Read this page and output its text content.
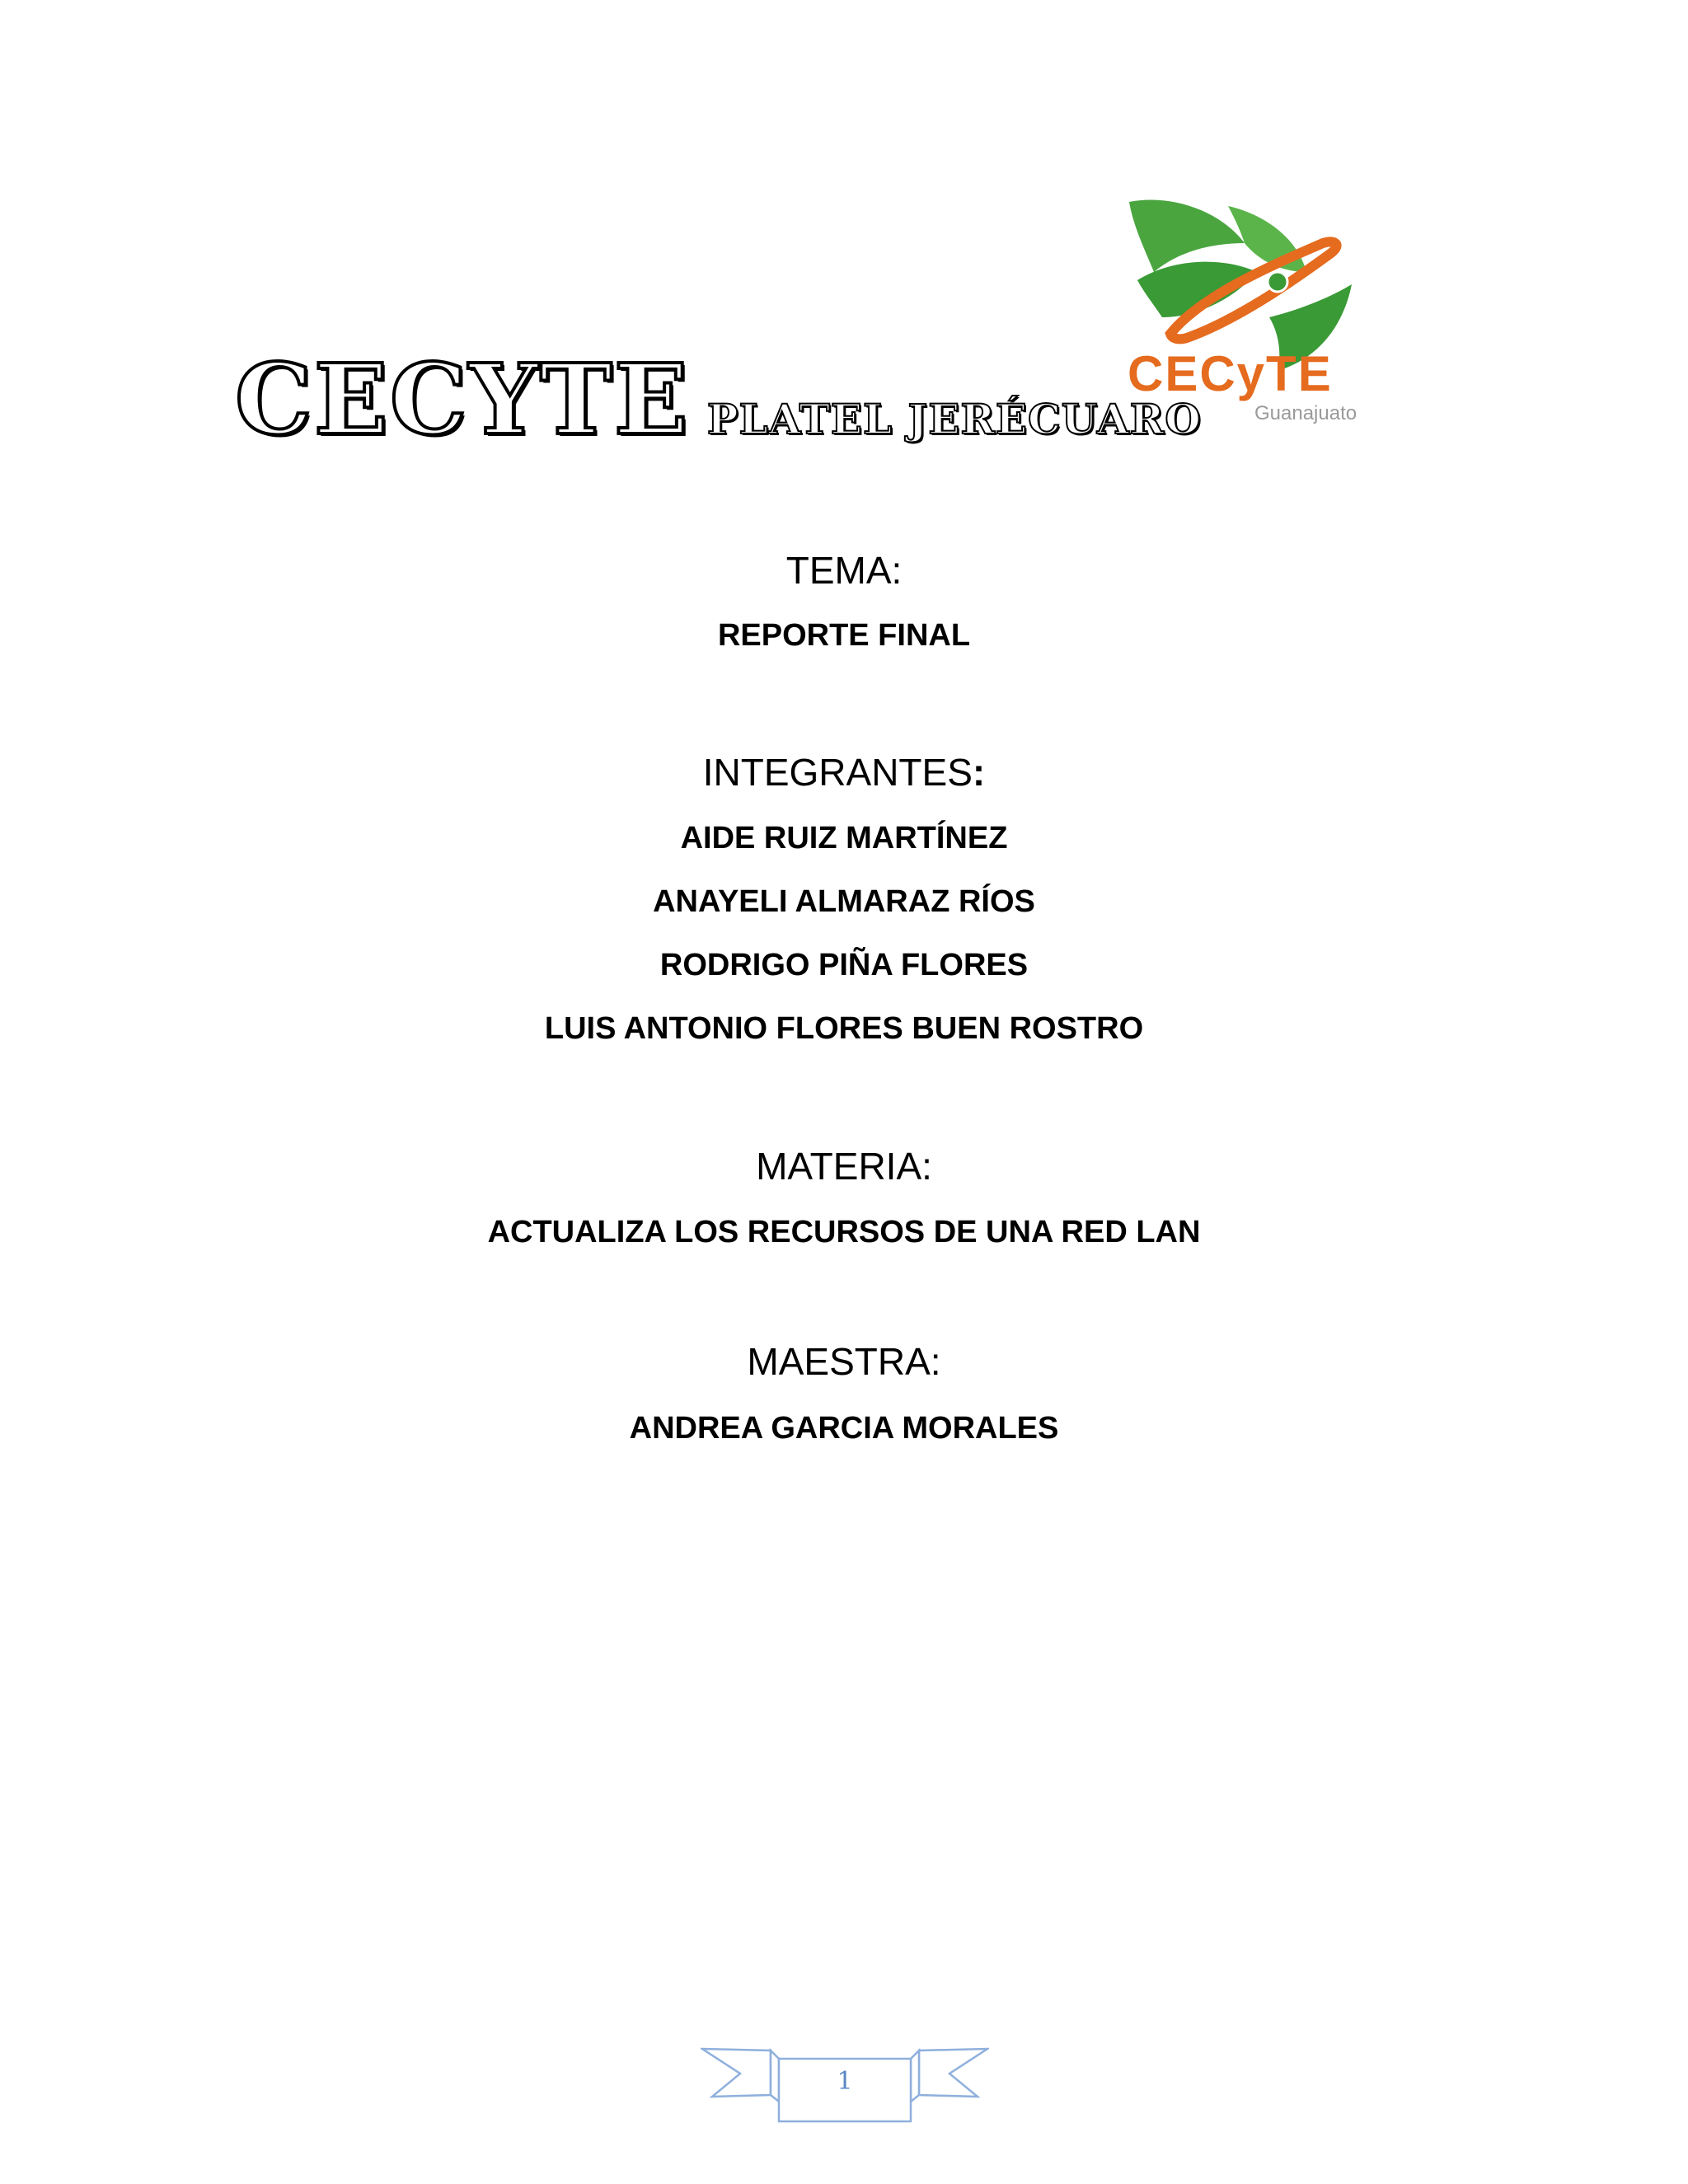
CECYTE PLATEL JERÉCUARO
CECyTE
Guanajuato
TEMA:
REPORTE FINAL
INTEGRANTES:
AIDE RUIZ MARTÍNEZ
ANAYELI ALMARAZ RÍOS
RODRIGO PIÑA FLORES
LUIS ANTONIO FLORES BUEN ROSTRO
MATERIA:
ACTUALIZA LOS RECURSOS DE UNA RED LAN
MAESTRA:
ANDREA GARCIA MORALES
1
